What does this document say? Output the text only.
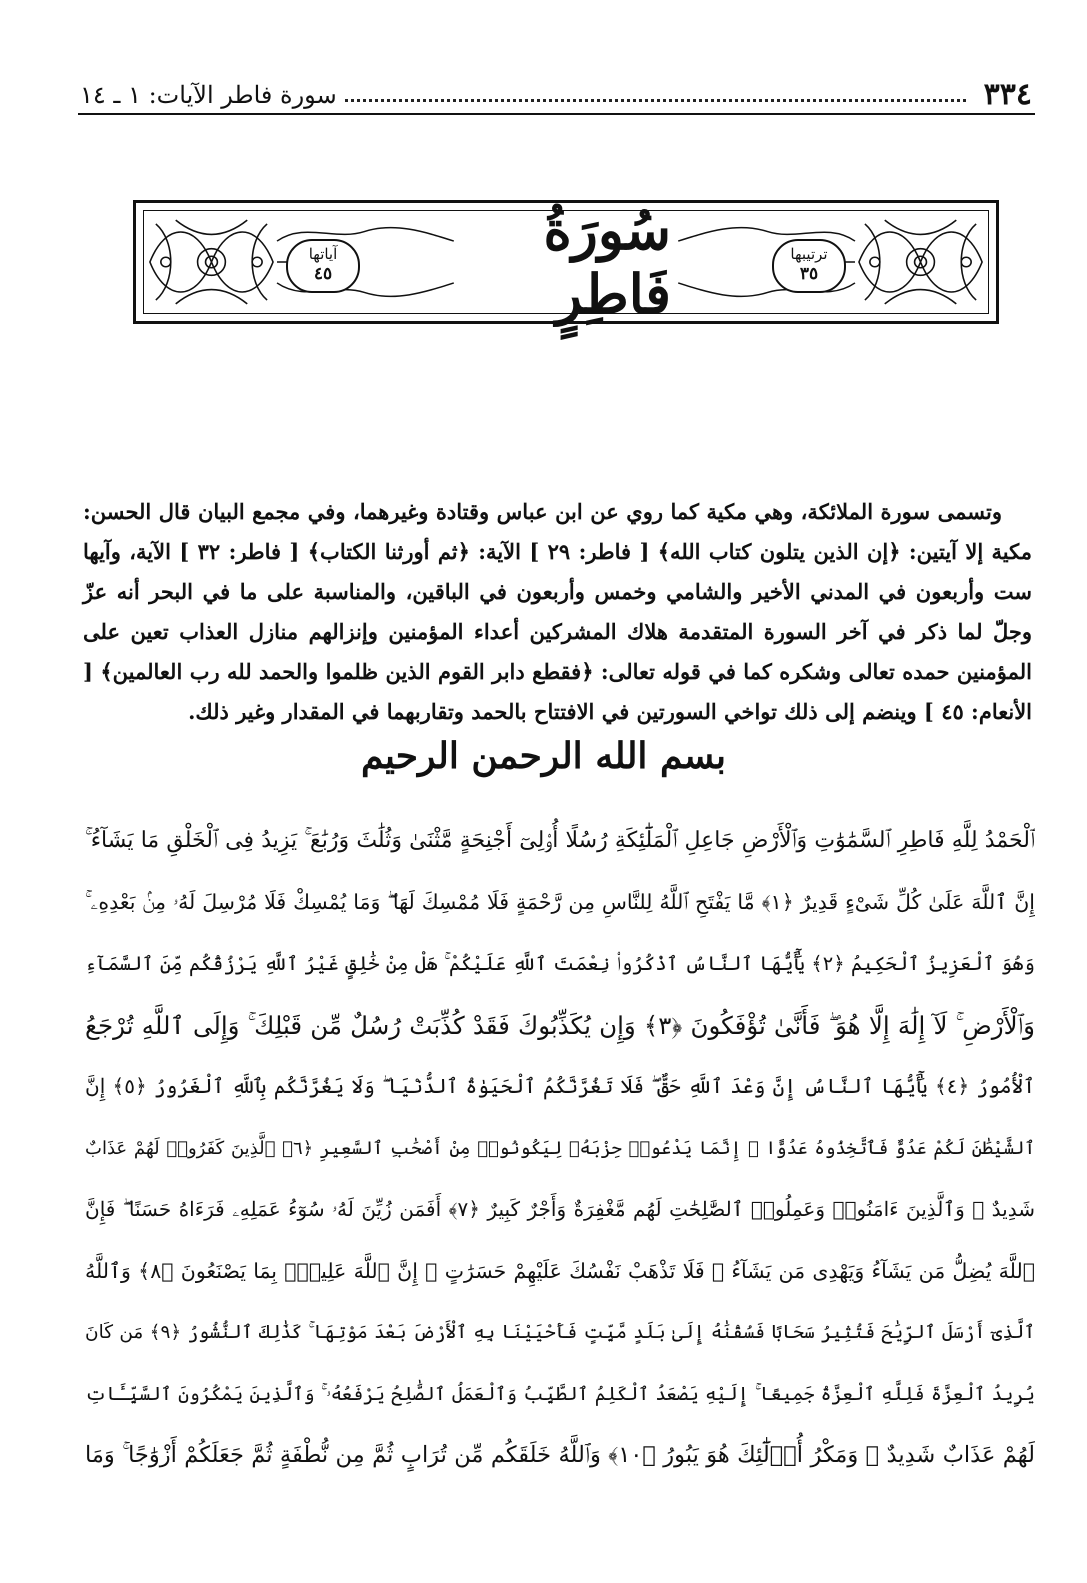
٣٣٤
سورة فاطر الآيات: ١ ـ ١٤
آياتها
٤٥
ترتيبها
٣٥
سُورَةُ فَاطِرٍ

وتسمى سورة الملائكة، وهي مكية كما روي عن ابن عباس وقتادة وغيرهما، وفي مجمع البيان قال الحسن: مكية إلا آيتين: ﴿إن الذين يتلون كتاب الله﴾ [ فاطر: ٢٩ ] الآية: ﴿ثم أورثنا الكتاب﴾ [ فاطر: ٣٢ ] الآية، وآيها ست وأربعون في المدني الأخير والشامي وخمس وأربعون في الباقين، والمناسبة على ما في البحر أنه عزّ وجلّ لما ذكر في آخر السورة المتقدمة هلاك المشركين أعداء المؤمنين وإنزالهم منازل العذاب تعين على المؤمنين حمده تعالى وشكره كما في قوله تعالى: ﴿فقطع دابر القوم الذين ظلموا والحمد لله رب العالمين﴾ [ الأنعام: ٤٥ ] وينضم إلى ذلك تواخي السورتين في الافتتاح بالحمد وتقاربهما في المقدار وغير ذلك.

بسم الله الرحمن الرحيم
ٱلْحَمْدُ لِلَّهِ فَاطِرِ ٱلسَّمَٰوَٰتِ وَٱلْأَرْضِ جَاعِلِ ٱلْمَلَٰٓئِكَةِ رُسُلًا أُو۟لِىٓ أَجْنِحَةٍ مَّثْنَىٰ وَثُلَٰثَ وَرُبَٰعَ ۚ يَزِيدُ فِى ٱلْخَلْقِ مَا يَشَآءُ ۚ
إِنَّ ٱللَّهَ عَلَىٰ كُلِّ شَىْءٍ قَدِيرٌ ﴿١﴾ مَّا يَفْتَحِ ٱللَّهُ لِلنَّاسِ مِن رَّحْمَةٍ فَلَا مُمْسِكَ لَهَا ۖ وَمَا يُمْسِكْ فَلَا مُرْسِلَ لَهُۥ مِنۢ بَعْدِهِۦ ۚ
وَهُوَ ٱلْعَزِيزُ ٱلْحَكِيمُ ﴿٢﴾ يَٰٓأَيُّهَا ٱلنَّاسُ ٱذْكُرُوا۟ نِعْمَتَ ٱللَّهِ عَلَيْكُمْ ۚ هَلْ مِنْ خَٰلِقٍ غَيْرُ ٱللَّهِ يَرْزُقُكُم مِّنَ ٱلسَّمَآءِ
وَٱلْأَرْضِ ۚ لَآ إِلَٰهَ إِلَّا هُوَ ۖ فَأَنَّىٰ تُؤْفَكُونَ ﴿٣﴾ وَإِن يُكَذِّبُوكَ فَقَدْ كُذِّبَتْ رُسُلٌ مِّن قَبْلِكَ ۚ وَإِلَى ٱللَّهِ تُرْجَعُ
ٱلْأُمُورُ ﴿٤﴾ يَٰٓأَيُّهَا ٱلنَّاسُ إِنَّ وَعْدَ ٱللَّهِ حَقٌّ ۖ فَلَا تَغُرَّنَّكُمُ ٱلْحَيَوٰةُ ٱلدُّنْيَا ۖ وَلَا يَغُرَّنَّكُم بِٱللَّهِ ٱلْغَرُورُ ﴿٥﴾ إِنَّ
ٱلشَّيْطَٰنَ لَكُمْ عَدُوٌّ فَٱتَّخِذُوهُ عَدُوًّا ۚ إِنَّمَا يَدْعُوا۟ حِزْبَهُۥ لِيَكُونُوا۟ مِنْ أَصْحَٰبِ ٱلسَّعِيرِ ﴿٦﴾ ٱلَّذِينَ كَفَرُوا۟ لَهُمْ عَذَابٌ
شَدِيدٌ ۖ وَٱلَّذِينَ ءَامَنُوا۟ وَعَمِلُوا۟ ٱلصَّٰلِحَٰتِ لَهُم مَّغْفِرَةٌ وَأَجْرٌ كَبِيرٌ ﴿٧﴾ أَفَمَن زُيِّنَ لَهُۥ سُوٓءُ عَمَلِهِۦ فَرَءَاهُ حَسَنًا ۖ فَإِنَّ
ٱللَّهَ يُضِلُّ مَن يَشَآءُ وَيَهْدِى مَن يَشَآءُ ۖ فَلَا تَذْهَبْ نَفْسُكَ عَلَيْهِمْ حَسَرَٰتٍ ۚ إِنَّ ٱللَّهَ عَلِيمٌۢ بِمَا يَصْنَعُونَ ﴿٨﴾ وَٱللَّهُ
ٱلَّذِىٓ أَرْسَلَ ٱلرِّيَٰحَ فَتُثِيرُ سَحَابًا فَسُقْنَٰهُ إِلَىٰ بَلَدٍ مَّيِّتٍ فَأَحْيَيْنَا بِهِ ٱلْأَرْضَ بَعْدَ مَوْتِهَا ۚ كَذَٰلِكَ ٱلنُّشُورُ ﴿٩﴾ مَن كَانَ
يُرِيدُ ٱلْعِزَّةَ فَلِلَّهِ ٱلْعِزَّةُ جَمِيعًا ۚ إِلَيْهِ يَصْعَدُ ٱلْكَلِمُ ٱلطَّيِّبُ وَٱلْعَمَلُ ٱلصَّٰلِحُ يَرْفَعُهُۥ ۚ وَٱلَّذِينَ يَمْكُرُونَ ٱلسَّيِّـَٔاتِ
لَهُمْ عَذَابٌ شَدِيدٌ ۖ وَمَكْرُ أُو۟لَٰٓئِكَ هُوَ يَبُورُ ﴿١٠﴾ وَٱللَّهُ خَلَقَكُم مِّن تُرَابٍ ثُمَّ مِن نُّطْفَةٍ ثُمَّ جَعَلَكُمْ أَزْوَٰجًا ۚ وَمَا
